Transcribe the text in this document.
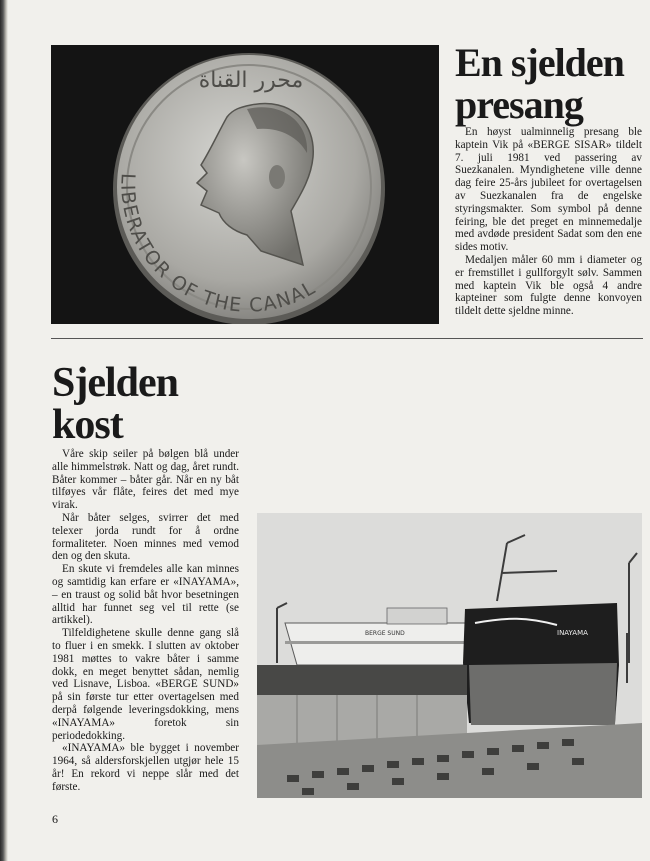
محرر القناة
LIBERATOR OF THE CANAL
En sjelden
presang

En høyst ualminnelig presang ble kaptein Vik på «BERGE SISAR» tildelt 7. juli 1981 ved passering av Suezkanalen. Myndighetene ville denne dag feire 25-års jubileet for overtagelsen av Suezkanalen fra de engelske styringsmakter. Som symbol på denne feiring, ble det preget en minnemedalje med avdøde president Sadat som den ene sides motiv.

Medaljen måler 60 mm i diameter og er fremstillet i gullforgylt sølv. Sammen med kaptein Vik ble også 4 andre kapteiner som fulgte denne konvoyen tildelt dette sjeldne minne.

Sjelden
kost

Våre skip seiler på bølgen blå under alle himmelstrøk. Natt og dag, året rundt. Båter kommer – båter går. Når en ny båt tilføyes vår flåte, feires det med mye virak.

Når båter selges, svirrer det med telexer jorda rundt for å ordne formaliteter. Noen minnes med vemod den og den skuta.

En skute vi fremdeles alle kan minnes og samtidig kan erfare er «INAYAMA», – en traust og solid båt hvor besetningen alltid har funnet seg vel til rette (se artikkel).

Tilfeldighetene skulle denne gang slå to fluer i en smekk. I slutten av oktober 1981 møttes to vakre båter i samme dokk, en meget benyttet sådan, nemlig ved Lisnave, Lisboa. «BERGE SUND» på sin første tur etter overtagelsen med derpå følgende leveringsdokking, mens «INAYAMA» foretok sin periodedokking.

«INAYAMA» ble bygget i november 1964, så aldersforskjellen utgjør hele 15 år! En rekord vi neppe slår med det første.

BERGE SUND	INAYAMA
6
